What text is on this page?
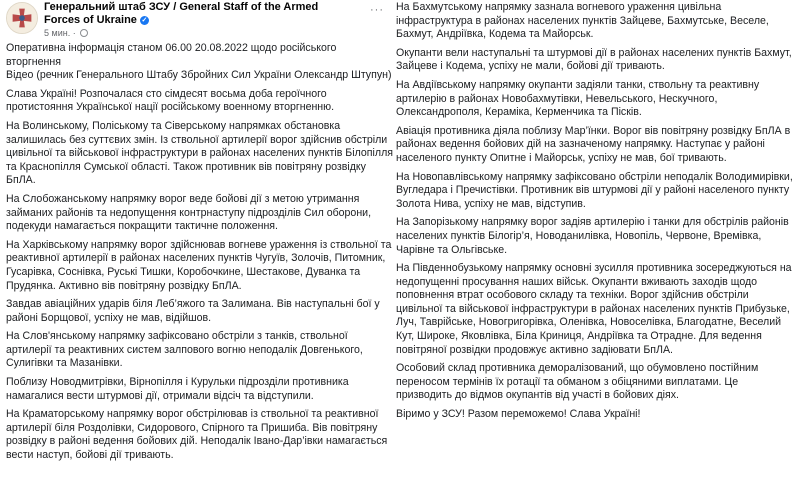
Генеральний штаб ЗСУ / General Staff of the Armed Forces of Ukraine ✓
5 мин. ·
···

Оперативна інформація станом 06.00 20.08.2022 щодо російського вторгнення

Відео (речник Генерального Штабу Збройних Сил України Олександр Штупун)

Слава Україні! Розпочалася сто сімдесят восьма доба героїчного протистояння Української нації російському военному вторгненню.

На Волинському, Поліському та Сіверському напрямках обстановка залишилась без суттєвих змін. Із ствольної артилерії ворог здійснив обстріли цивільної та військової інфраструктури в районах населених пунктів Білопілля та Краснопілля Сумської області. Також противник вів повітряну розвідку БпЛА.

На Слобожанському напрямку ворог веде бойові дії з метою утримання займаних районів та недопущення контрнаступу підрозділів Сил оборони, подекуди намагається покращити тактичне положення.

На Харківському напрямку ворог здійснював вогневе ураження із ствольної та реактивної артилерії в районах населених пунктів Чугуїв, Золочів, Питомник, Гусарівка, Соснівка, Руські Тишки, Коробочкине, Шестакове, Дуванка та Прудянка. Активно вів повітряну розвідку БпЛА.

Завдав авіаційних ударів біля Леб’яжого та Залимана. Вів наступальні бої у районі Борщової, успіху не мав, відійшов.

На Слов'янському напрямку зафіксовано обстріли з танків, ствольної артилерії та реактивних систем залпового вогню неподалік Довгенького, Сулигівки та Мазанівки.

Поблизу Новодмитрівки, Вірнопілля і Курульки підрозділи противника намагалися вести штурмові дії, отримали відсіч та відступили.

На Краматорському напрямку ворог обстрілював із ствольної та реактивної артилерії біля Роздолівки, Сидорового, Спірного та Пришиба. Вів повітряну розвідку в районі ведення бойових дій. Неподалік Івано-Дар’івки намагається вести наступ, бойові дії тривають.

На Бахмутському напрямку зазнала вогневого ураження цивільна інфраструктура в районах населених пунктів Зайцеве, Бахмутське, Веселе, Бахмут, Андріївка, Кодема та Майорськ.

Окупанти вели наступальні та штурмові дії в районах населених пунктів Бахмут, Зайцеве і Кодема, успіху не мали, бойові дії тривають.

На Авдіївському напрямку окупанти задіяли танки, ствольну та реактивну артилерію в районах Новобахмутівки, Невельського, Нескучного, Олександрополя, Кераміка, Керменчика та Пісків.

Авіація противника діяла поблизу Мар’їнки. Ворог вів повітряну розвідку БпЛА в районах ведення бойових дій на зазначеному напрямку. Наступає у районі населеного пункту Опитне і Майорськ, успіху не мав, бої тривають.

На Новопавлівському напрямку зафіксовано обстріли неподалік Володимирівки, Вугледара і Пречистівки. Противник вів штурмові дії у районі населеного пункту Золота Нива, успіху не мав, відступив.

На Запорізькому напрямку ворог задіяв артилерію і танки для обстрілів районів населених пунктів Білогір’я, Новоданилівка, Новопіль, Червоне, Времівка, Чарівне та Ольгівське.

На Південнобузькому напрямку основні зусилля противника зосереджуються на недопущенні просування наших військ. Окупанти вживають заходів щодо поповнення втрат особового складу та техніки. Ворог здійснив обстріли цивільної та військової інфраструктури в районах населених пунктів Прибузьке, Луч, Таврійське, Новогригорівка, Оленівка, Новоселівка, Благодатне, Веселий Кут, Широке, Яковлівка, Біла Криниця, Андріївка та Отрадне. Для ведення повітряної розвідки продовжує активно задіювати БпЛА.

Особовий склад противника деморалізований, що обумовлено постійним переносом термінів їх ротації та обманом з обіцяними виплатами. Це призводить до відмов окупантів від участі в бойових діях.

Віримо у ЗСУ! Разом переможемо! Слава Україні!
